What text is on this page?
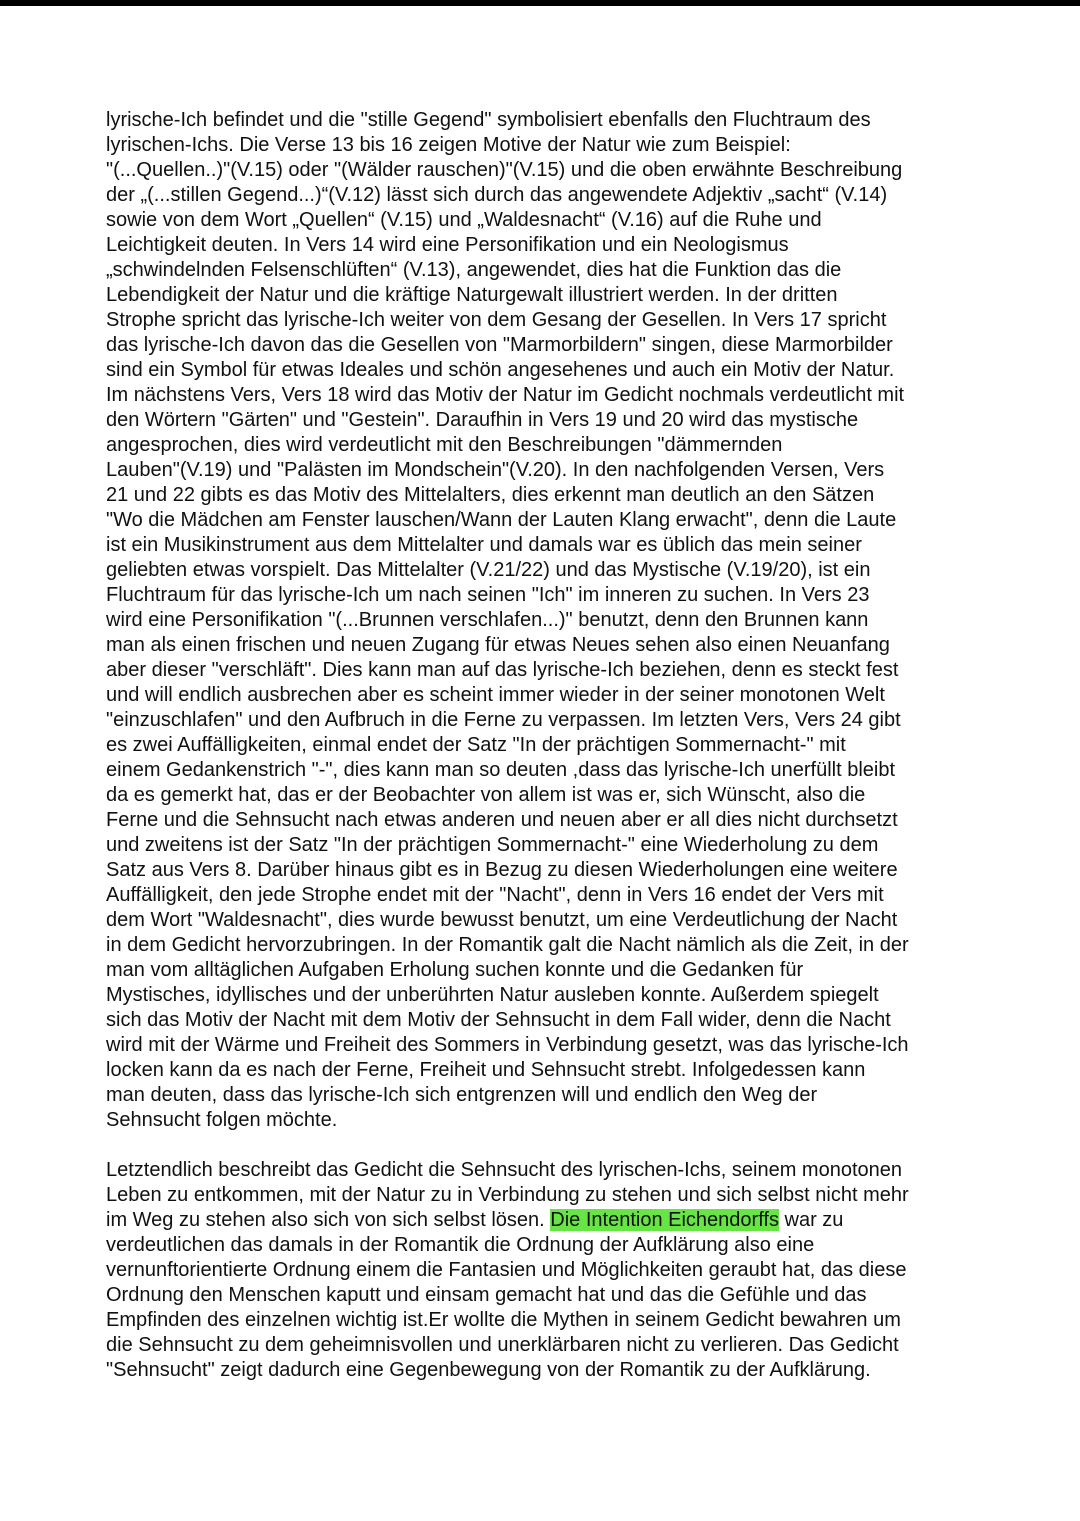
lyrische-Ich befindet und die "stille Gegend" symbolisiert ebenfalls den Fluchtraum des
lyrischen-Ichs. Die Verse 13 bis 16 zeigen Motive der Natur wie zum Beispiel:
"(...Quellen..)"(V.15) oder "(Wälder rauschen)"(V.15) und die oben erwähnte Beschreibung
der „(...stillen Gegend...)“(V.12) lässt sich durch das angewendete Adjektiv „sacht“ (V.14)
sowie von dem Wort „Quellen“ (V.15) und „Waldesnacht“ (V.16) auf die Ruhe und
Leichtigkeit deuten. In Vers 14 wird eine Personifikation und ein Neologismus
„schwindelnden Felsenschlüften“ (V.13), angewendet, dies hat die Funktion das die
Lebendigkeit der Natur und die kräftige Naturgewalt illustriert werden. In der dritten
Strophe spricht das lyrische-Ich weiter von dem Gesang der Gesellen. In Vers 17 spricht
das lyrische-Ich davon das die Gesellen von "Marmorbildern" singen, diese Marmorbilder
sind ein Symbol für etwas Ideales und schön angesehenes und auch ein Motiv der Natur.
Im nächstens Vers, Vers 18 wird das Motiv der Natur im Gedicht nochmals verdeutlicht mit
den Wörtern "Gärten" und "Gestein". Daraufhin in Vers 19 und 20 wird das mystische
angesprochen, dies wird verdeutlicht mit den Beschreibungen "dämmernden
Lauben"(V.19) und "Palästen im Mondschein"(V.20). In den nachfolgenden Versen, Vers
21 und 22 gibts es das Motiv des Mittelalters, dies erkennt man deutlich an den Sätzen
"Wo die Mädchen am Fenster lauschen/Wann der Lauten Klang erwacht", denn die Laute
ist ein Musikinstrument aus dem Mittelalter und damals war es üblich das mein seiner
geliebten etwas vorspielt. Das Mittelalter (V.21/22) und das Mystische (V.19/20), ist ein
Fluchtraum für das lyrische-Ich um nach seinen "Ich" im inneren zu suchen. In Vers 23
wird eine Personifikation "(...Brunnen verschlafen...)" benutzt, denn den Brunnen kann
man als einen frischen und neuen Zugang für etwas Neues sehen also einen Neuanfang
aber dieser "verschläft". Dies kann man auf das lyrische-Ich beziehen, denn es steckt fest
und will endlich ausbrechen aber es scheint immer wieder in der seiner monotonen Welt
"einzuschlafen" und den Aufbruch in die Ferne zu verpassen. Im letzten Vers, Vers 24 gibt
es zwei Auffälligkeiten, einmal endet der Satz "In der prächtigen Sommernacht-" mit
einem Gedankenstrich "-", dies kann man so deuten ,dass das lyrische-Ich unerfüllt bleibt
da es gemerkt hat, das er der Beobachter von allem ist was er, sich Wünscht, also die
Ferne und die Sehnsucht nach etwas anderen und neuen aber er all dies nicht durchsetzt
und zweitens ist der Satz "In der prächtigen Sommernacht-" eine Wiederholung zu dem
Satz aus Vers 8. Darüber hinaus gibt es in Bezug zu diesen Wiederholungen eine weitere
Auffälligkeit, den jede Strophe endet mit der "Nacht", denn in Vers 16 endet der Vers mit
dem Wort "Waldesnacht", dies wurde bewusst benutzt, um eine Verdeutlichung der Nacht
in dem Gedicht hervorzubringen. In der Romantik galt die Nacht nämlich als die Zeit, in der
man vom alltäglichen Aufgaben Erholung suchen konnte und die Gedanken für
Mystisches, idyllisches und der unberührten Natur ausleben konnte. Außerdem spiegelt
sich das Motiv der Nacht mit dem Motiv der Sehnsucht in dem Fall wider, denn die Nacht
wird mit der Wärme und Freiheit des Sommers in Verbindung gesetzt, was das lyrische-Ich
locken kann da es nach der Ferne, Freiheit und Sehnsucht strebt. Infolgedessen kann
man deuten, dass das lyrische-Ich sich entgrenzen will und endlich den Weg der
Sehnsucht folgen möchte.

Letztendlich beschreibt das Gedicht die Sehnsucht des lyrischen-Ichs, seinem monotonen
Leben zu entkommen, mit der Natur zu in Verbindung zu stehen und sich selbst nicht mehr
im Weg zu stehen also sich von sich selbst lösen. Die Intention Eichendorffs war zu
verdeutlichen das damals in der Romantik die Ordnung der Aufklärung also eine
vernunftorientierte Ordnung einem die Fantasien und Möglichkeiten geraubt hat, das diese
Ordnung den Menschen kaputt und einsam gemacht hat und das die Gefühle und das
Empfinden des einzelnen wichtig ist.Er wollte die Mythen in seinem Gedicht bewahren um
die Sehnsucht zu dem geheimnisvollen und unerklärbaren nicht zu verlieren. Das Gedicht
"Sehnsucht" zeigt dadurch eine Gegenbewegung von der Romantik zu der Aufklärung.
